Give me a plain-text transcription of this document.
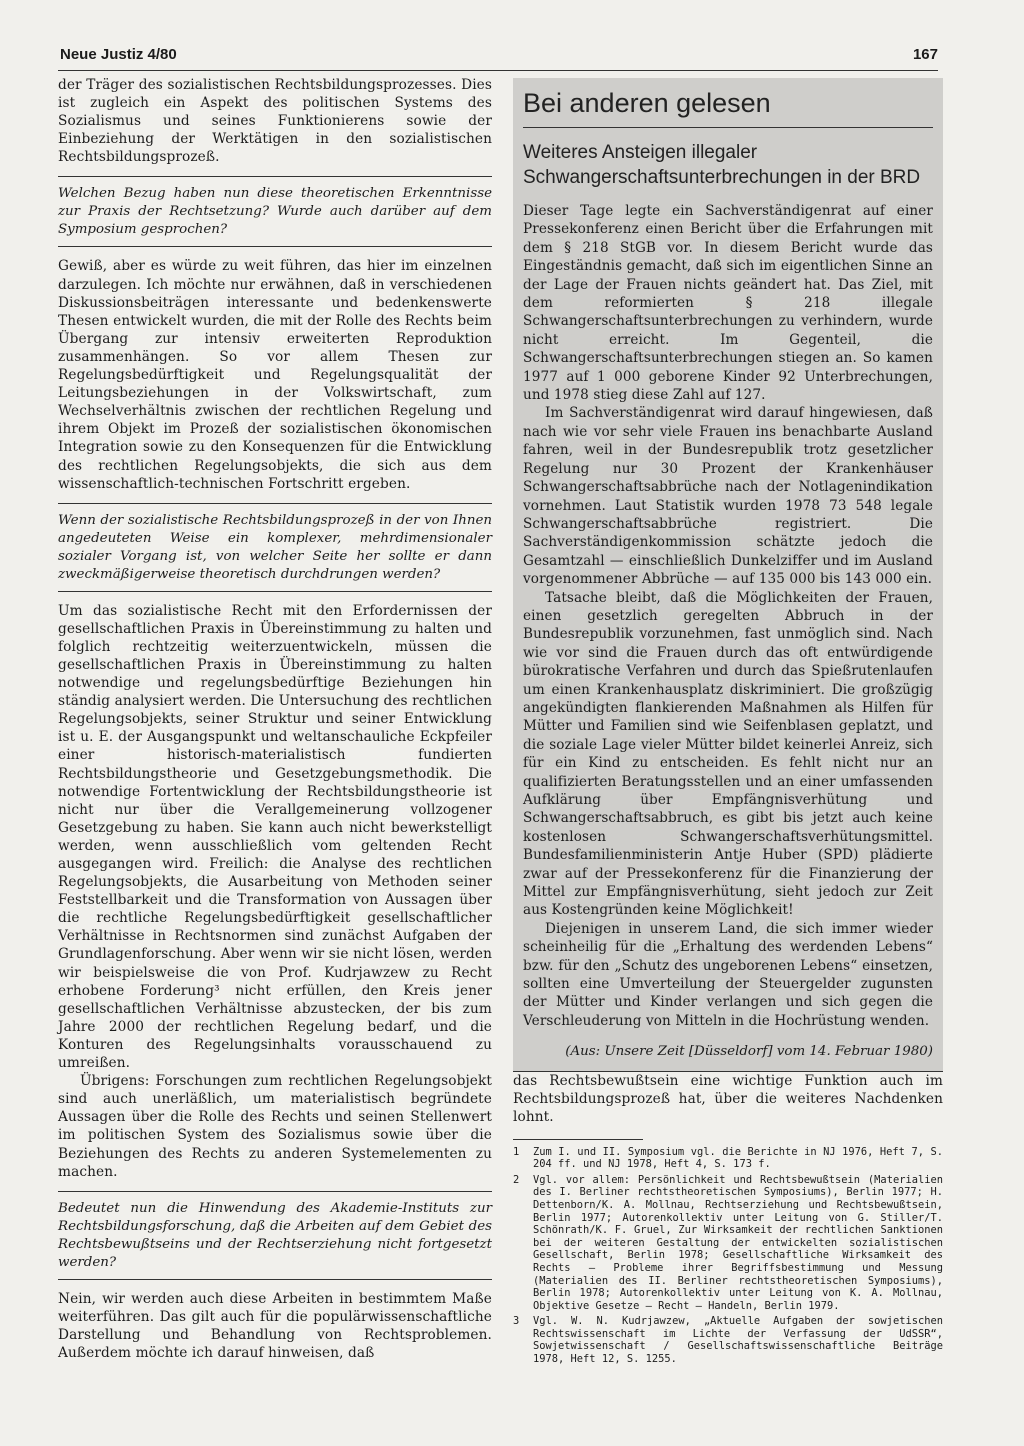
Neue Justiz 4/80	167

der Träger des sozialistischen Rechtsbildungsprozesses. Dies ist zugleich ein Aspekt des politischen Systems des Sozialismus und seines Funktionierens sowie der Einbeziehung der Werktätigen in den sozialistischen Rechtsbildungsprozeß.

Welchen Bezug haben nun diese theoretischen Erkenntnisse zur Praxis der Rechtsetzung? Wurde auch darüber auf dem Symposium gesprochen?

Gewiß, aber es würde zu weit führen, das hier im einzelnen darzulegen. Ich möchte nur erwähnen, daß in verschiedenen Diskussionsbeiträgen interessante und bedenkenswerte Thesen entwickelt wurden, die mit der Rolle des Rechts beim Übergang zur intensiv erweiterten Reproduktion zusammenhängen. So vor allem Thesen zur Regelungsbedürftigkeit und Regelungsqualität der Leitungsbeziehungen in der Volkswirtschaft, zum Wechselverhältnis zwischen der rechtlichen Regelung und ihrem Objekt im Prozeß der sozialistischen ökonomischen Integration sowie zu den Konsequenzen für die Entwicklung des rechtlichen Regelungsobjekts, die sich aus dem wissenschaftlich-technischen Fortschritt ergeben.

Wenn der sozialistische Rechtsbildungsprozeß in der von Ihnen angedeuteten Weise ein komplexer, mehrdimensionaler sozialer Vorgang ist, von welcher Seite her sollte er dann zweckmäßigerweise theoretisch durchdrungen werden?

Um das sozialistische Recht mit den Erfordernissen der gesellschaftlichen Praxis in Übereinstimmung zu halten und folglich rechtzeitig weiterzuentwickeln, müssen die gesellschaftlichen Praxis in Übereinstimmung zu halten notwendige und regelungsbedürftige Beziehungen hin ständig analysiert werden. Die Untersuchung des rechtlichen Regelungsobjekts, seiner Struktur und seiner Entwicklung ist u. E. der Ausgangspunkt und weltanschauliche Eckpfeiler einer historisch-materialistisch fundierten Rechtsbildungstheorie und Gesetzgebungsmethodik. Die notwendige Fortentwicklung der Rechtsbildungstheorie ist nicht nur über die Verallgemeinerung vollzogener Gesetzgebung zu haben. Sie kann auch nicht bewerkstelligt werden, wenn ausschließlich vom geltenden Recht ausgegangen wird. Freilich: die Analyse des rechtlichen Regelungsobjekts, die Ausarbeitung von Methoden seiner Feststellbarkeit und die Transformation von Aussagen über die rechtliche Regelungsbedürftigkeit gesellschaftlicher Verhältnisse in Rechtsnormen sind zunächst Aufgaben der Grundlagenforschung. Aber wenn wir sie nicht lösen, werden wir beispielsweise die von Prof. Kudrjawzew zu Recht erhobene Forderung³ nicht erfüllen, den Kreis jener gesellschaftlichen Verhältnisse abzustecken, der bis zum Jahre 2000 der rechtlichen Regelung bedarf, und die Konturen des Regelungsinhalts vorausschauend zu umreißen.

Übrigens: Forschungen zum rechtlichen Regelungsobjekt sind auch unerläßlich, um materialistisch begründete Aussagen über die Rolle des Rechts und seinen Stellenwert im politischen System des Sozialismus sowie über die Beziehungen des Rechts zu anderen Systemelementen zu machen.

Bedeutet nun die Hinwendung des Akademie-Instituts zur Rechtsbildungsforschung, daß die Arbeiten auf dem Gebiet des Rechtsbewußtseins und der Rechtserziehung nicht fortgesetzt werden?

Nein, wir werden auch diese Arbeiten in bestimmtem Maße weiterführen. Das gilt auch für die populärwissenschaftliche Darstellung und Behandlung von Rechtsproblemen. Außerdem möchte ich darauf hinweisen, daß

Bei anderen gelesen
Weiteres Ansteigen illegaler Schwangerschaftsunterbrechungen in der BRD

Dieser Tage legte ein Sachverständigenrat auf einer Pressekonferenz einen Bericht über die Erfahrungen mit dem § 218 StGB vor. In diesem Bericht wurde das Eingeständnis gemacht, daß sich im eigentlichen Sinne an der Lage der Frauen nichts geändert hat. Das Ziel, mit dem reformierten § 218 illegale Schwangerschaftsunterbrechungen zu verhindern, wurde nicht erreicht. Im Gegenteil, die Schwangerschaftsunterbrechungen stiegen an. So kamen 1977 auf 1 000 geborene Kinder 92 Unterbrechungen, und 1978 stieg diese Zahl auf 127.

Im Sachverständigenrat wird darauf hingewiesen, daß nach wie vor sehr viele Frauen ins benachbarte Ausland fahren, weil in der Bundesrepublik trotz gesetzlicher Regelung nur 30 Prozent der Krankenhäuser Schwangerschaftsabbrüche nach der Notlagenindikation vornehmen. Laut Statistik wurden 1978 73 548 legale Schwangerschaftsabbrüche registriert. Die Sachverständigenkommission schätzte jedoch die Gesamtzahl — einschließlich Dunkelziffer und im Ausland vorgenommener Abbrüche — auf 135 000 bis 143 000 ein.

Tatsache bleibt, daß die Möglichkeiten der Frauen, einen gesetzlich geregelten Abbruch in der Bundesrepublik vorzunehmen, fast unmöglich sind. Nach wie vor sind die Frauen durch das oft entwürdigende bürokratische Verfahren und durch das Spießrutenlaufen um einen Krankenhausplatz diskriminiert. Die großzügig angekündigten flankierenden Maßnahmen als Hilfen für Mütter und Familien sind wie Seifenblasen geplatzt, und die soziale Lage vieler Mütter bildet keinerlei Anreiz, sich für ein Kind zu entscheiden. Es fehlt nicht nur an qualifizierten Beratungsstellen und an einer umfassenden Aufklärung über Empfängnisverhütung und Schwangerschaftsabbruch, es gibt bis jetzt auch keine kostenlosen Schwangerschaftsverhütungsmittel. Bundesfamilienministerin Antje Huber (SPD) plädierte zwar auf der Pressekonferenz für die Finanzierung der Mittel zur Empfängnisverhütung, sieht jedoch zur Zeit aus Kostengründen keine Möglichkeit!

Diejenigen in unserem Land, die sich immer wieder scheinheilig für die „Erhaltung des werdenden Lebens“ bzw. für den „Schutz des ungeborenen Lebens“ einsetzen, sollten eine Umverteilung der Steuergelder zugunsten der Mütter und Kinder verlangen und sich gegen die Verschleuderung von Mitteln in die Hochrüstung wenden.

(Aus: Unsere Zeit [Düsseldorf] vom 14. Februar 1980)

das Rechtsbewußtsein eine wichtige Funktion auch im Rechtsbildungsprozeß hat, über die weiteres Nachdenken lohnt.

1	Zum I. und II. Symposium vgl. die Berichte in NJ 1976, Heft 7, S. 204 ff. und NJ 1978, Heft 4, S. 173 f.
2	Vgl. vor allem: Persönlichkeit und Rechtsbewußtsein (Materialien des I. Berliner rechtstheoretischen Symposiums), Berlin 1977; H. Dettenborn/K. A. Mollnau, Rechtserziehung und Rechtsbewußtsein, Berlin 1977; Autorenkollektiv unter Leitung von G. Stiller/T. Schönrath/K. F. Gruel, Zur Wirksamkeit der rechtlichen Sanktionen bei der weiteren Gestaltung der entwickelten sozialistischen Gesellschaft, Berlin 1978; Gesellschaftliche Wirksamkeit des Rechts — Probleme ihrer Begriffsbestimmung und Messung (Materialien des II. Berliner rechtstheoretischen Symposiums), Berlin 1978; Autorenkollektiv unter Leitung von K. A. Mollnau, Objektive Gesetze — Recht — Handeln, Berlin 1979.
3	Vgl. W. N. Kudrjawzew, „Aktuelle Aufgaben der sowjetischen Rechtswissenschaft im Lichte der Verfassung der UdSSR“, Sowjetwissenschaft / Gesellschaftswissenschaftliche Beiträge 1978, Heft 12, S. 1255.
